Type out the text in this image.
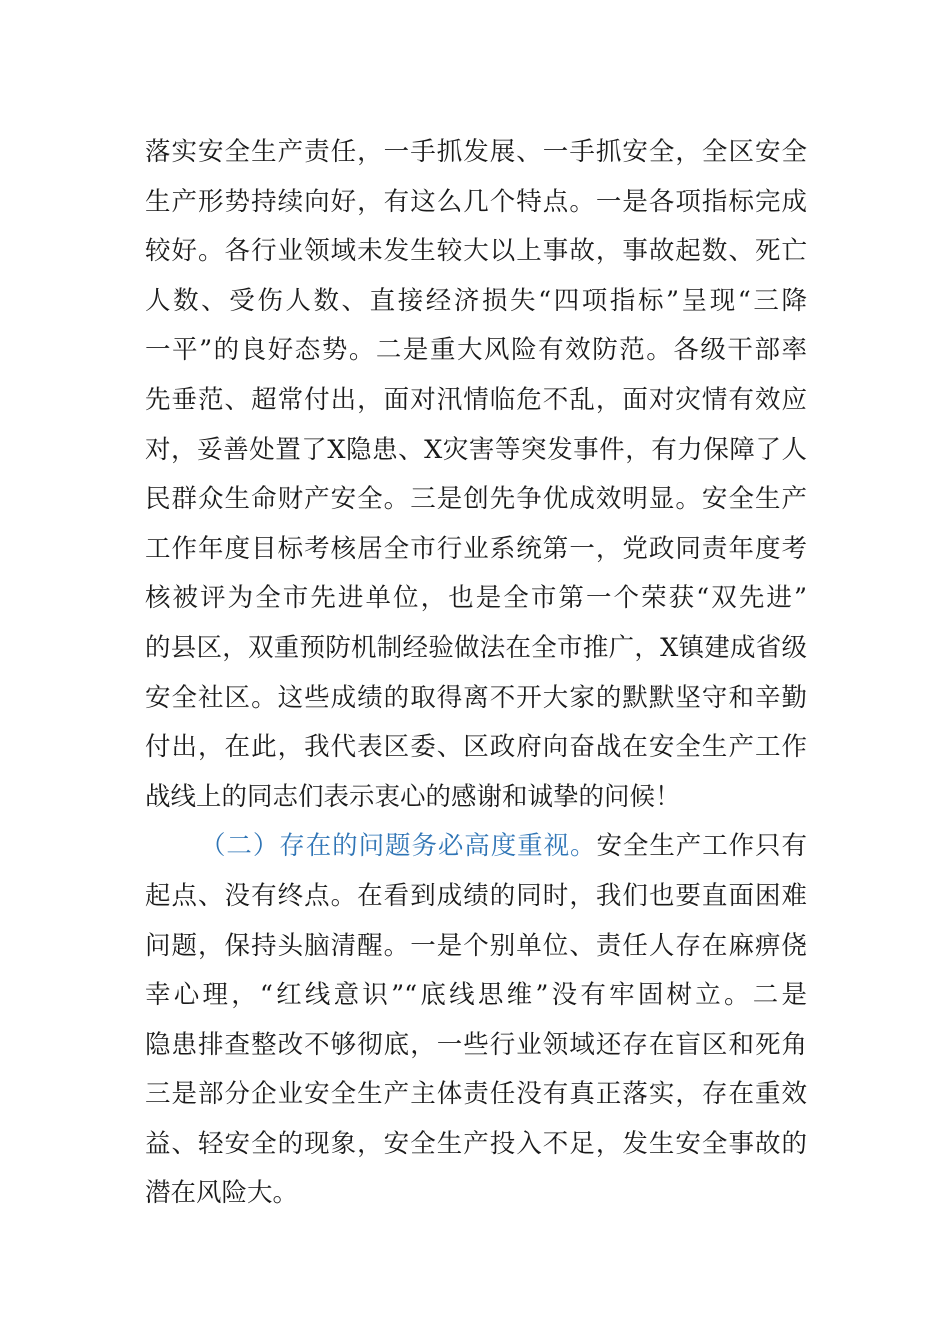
落实安全生产责任，一手抓发展、一手抓安全，全区安全
生产形势持续向好，有这么几个特点。一是各项指标完成
较好。各行业领域未发生较大以上事故，事故起数、死亡
人数、受伤人数、直接经济损失“四项指标”呈现“三降
一平”的良好态势。二是重大风险有效防范。各级干部率
先垂范、超常付出，面对汛情临危不乱，面对灾情有效应
对，妥善处置了X隐患、X灾害等突发事件，有力保障了人
民群众生命财产安全。三是创先争优成效明显。安全生产
工作年度目标考核居全市行业系统第一，党政同责年度考
核被评为全市先进单位，也是全市第一个荣获“双先进”
的县区，双重预防机制经验做法在全市推广，X镇建成省级
安全社区。这些成绩的取得离不开大家的默默坚守和辛勤
付出，在此，我代表区委、区政府向奋战在安全生产工作
战线上的同志们表示衷心的感谢和诚挚的问候！
（二）存在的问题务必高度重视。安全生产工作只有
起点、没有终点。在看到成绩的同时，我们也要直面困难
问题，保持头脑清醒。一是个别单位、责任人存在麻痹侥
幸心理，“红线意识”“底线思维”没有牢固树立。二是
隐患排查整改不够彻底，一些行业领域还存在盲区和死角
三是部分企业安全生产主体责任没有真正落实，存在重效
益、轻安全的现象，安全生产投入不足，发生安全事故的
潜在风险大。
